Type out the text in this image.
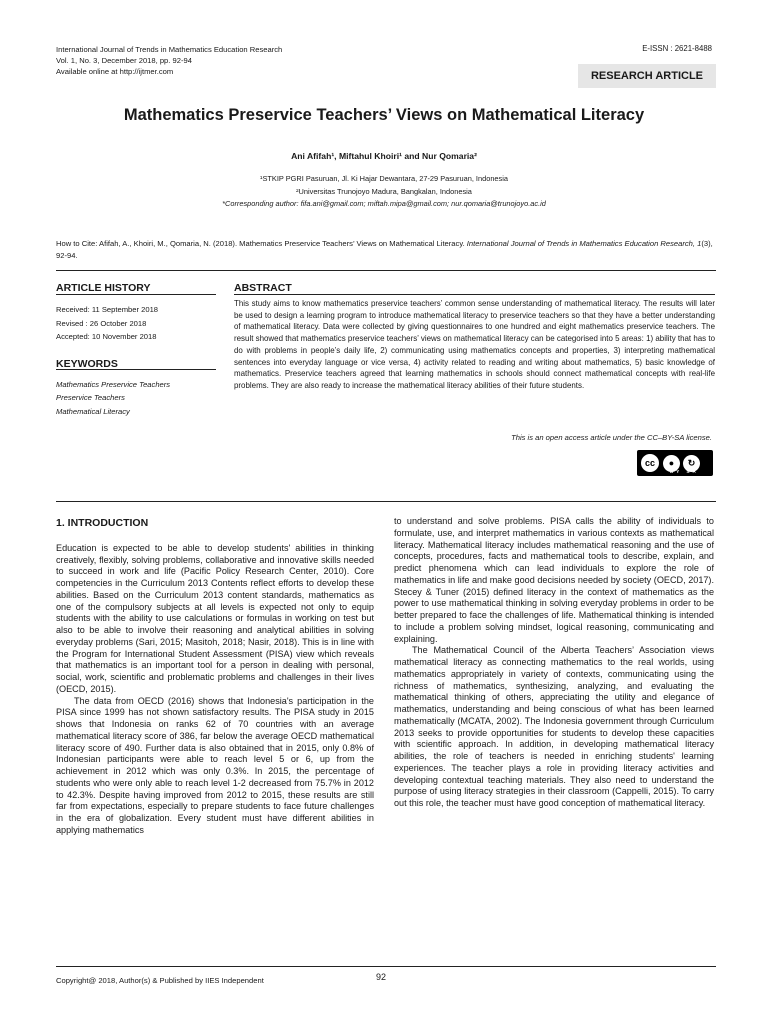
International Journal of Trends in Mathematics Education Research
Vol. 1, No. 3, December 2018, pp. 92-94
Available online at http://ijtmer.com
E-ISSN : 2621-8488
RESEARCH ARTICLE
Mathematics Preservice Teachers’ Views on Mathematical Literacy
Ani Afifah¹, Miftahul Khoiri¹ and Nur Qomaria²
¹STKIP PGRI Pasuruan, Jl. Ki Hajar Dewantara, 27-29 Pasuruan, Indonesia
²Universitas Trunojoyo Madura, Bangkalan, Indonesia
*Corresponding author: fifa.ani@gmail.com; miftah.mipa@gmail.com; nur.qomaria@trunojoyo.ac.id
How to Cite: Afifah, A., Khoiri, M., Qomaria, N. (2018). Mathematics Preservice Teachers’ Views on Mathematical Literacy. International Journal of Trends in Mathematics Education Research, 1(3), 92-94.
ARTICLE HISTORY
Received: 11 September 2018
Revised : 26 October 2018
Accepted: 10 November 2018
KEYWORDS
Mathematics Preservice Teachers
Preservice Teachers
Mathematical Literacy
ABSTRACT
This study aims to know mathematics preservice teachers’ common sense understanding of mathematical literacy. The results will later be used to design a learning program to introduce mathematical literacy to preservice teachers so that they have a better understanding of mathematical literacy. Data were collected by giving questionnaires to one hundred and eight mathematics preservice teachers. The result showed that mathematics preservice teachers’ views on mathematical literacy can be categorised into 5 areas: 1) ability that has to do with problems in people’s daily life, 2) communicating using mathematics concepts and properties, 3) interpreting mathematical sentences into everyday language or vice versa, 4) activity related to reading and writing about mathematics, 5) basic knowledge of mathematics. Preservice teachers agreed that learning mathematics in schools should connect mathematical concepts with real-life problems. They are also ready to increase the mathematical literacy abilities of their future students.
This is an open access article under the CC–BY-SA license.
cc	●	↻
BY SA
1. INTRODUCTION

Education is expected to be able to develop students' abilities in thinking creatively, flexibly, solving problems, collaborative and innovative skills needed to succeed in work and life (Pacific Policy Research Center, 2010). Core competencies in the Curriculum 2013 Contents reflect efforts to develop these abilities. Based on the Curriculum 2013 content standards, mathematics as one of the compulsory subjects at all levels is expected not only to equip students with the ability to use calculations or formulas in working on test but also to be able to involve their reasoning and analytical abilities in solving everyday problems (Sari, 2015; Masitoh, 2018; Nasir, 2018). This is in line with the Program for International Student Assessment (PISA) view which reveals that mathematics is an important tool for a person in dealing with personal, social, work, scientific and problematic problems and challenges in their lives (OECD, 2015).

The data from OECD (2016) shows that Indonesia's participation in the PISA since 1999 has not shown satisfactory results. The PISA study in 2015 shows that Indonesia on ranks 62 of 70 countries with an average mathematical literacy score of 386, far below the average OECD mathematical literacy score of 490. Further data is also obtained that in 2015, only 0.8% of Indonesian participants were able to reach level 5 or 6, up from the achievement in 2012 which was only 0.3%. In 2015, the percentage of students who were only able to reach level 1-2 decreased from 75.7% in 2012 to 42.3%. Despite having improved from 2012 to 2015, these results are still far from expectations, especially to prepare students to face future challenges in the era of globalization. Every student must have different abilities in applying mathematics

to understand and solve problems. PISA calls the ability of individuals to formulate, use, and interpret mathematics in various contexts as mathematical literacy. Mathematical literacy includes mathematical reasoning and the use of concepts, procedures, facts and mathematical tools to describe, explain, and predict phenomena which can lead individuals to explore the role of mathematics in life and make good decisions needed by society (OECD, 2017). Stecey & Tuner (2015) defined literacy in the context of mathematics as the power to use mathematical thinking in solving everyday problems in order to be better prepared to face the challenges of life. Mathematical thinking is intended to include a problem solving mindset, logical reasoning, communicating and explaining.

The Mathematical Council of the Alberta Teachers’ Association views mathematical literacy as connecting mathematics to the real worlds, using mathematics appropriately in variety of contexts, communicating using the richness of mathematics, synthesizing, analyzing, and evaluating the mathematical thinking of others, appreciating the utility and elegance of mathematics, understanding and being conscious of what has been learned mathematically (MCATA, 2002). The Indonesia government through Curriculum 2013 seeks to provide opportunities for students to develop these capacities with scientific approach. In addition, in developing mathematical literacy abilities, the role of teachers is needed in enriching students' learning experiences. The teacher plays a role in providing literacy activities and developing contextual teaching materials. They also need to understand the purpose of using literacy strategies in their classroom (Cappelli, 2015). To carry out this role, the teacher must have good conception of mathematical literacy.

Copyright@ 2018, Author(s) & Published by IIES Independent	92
